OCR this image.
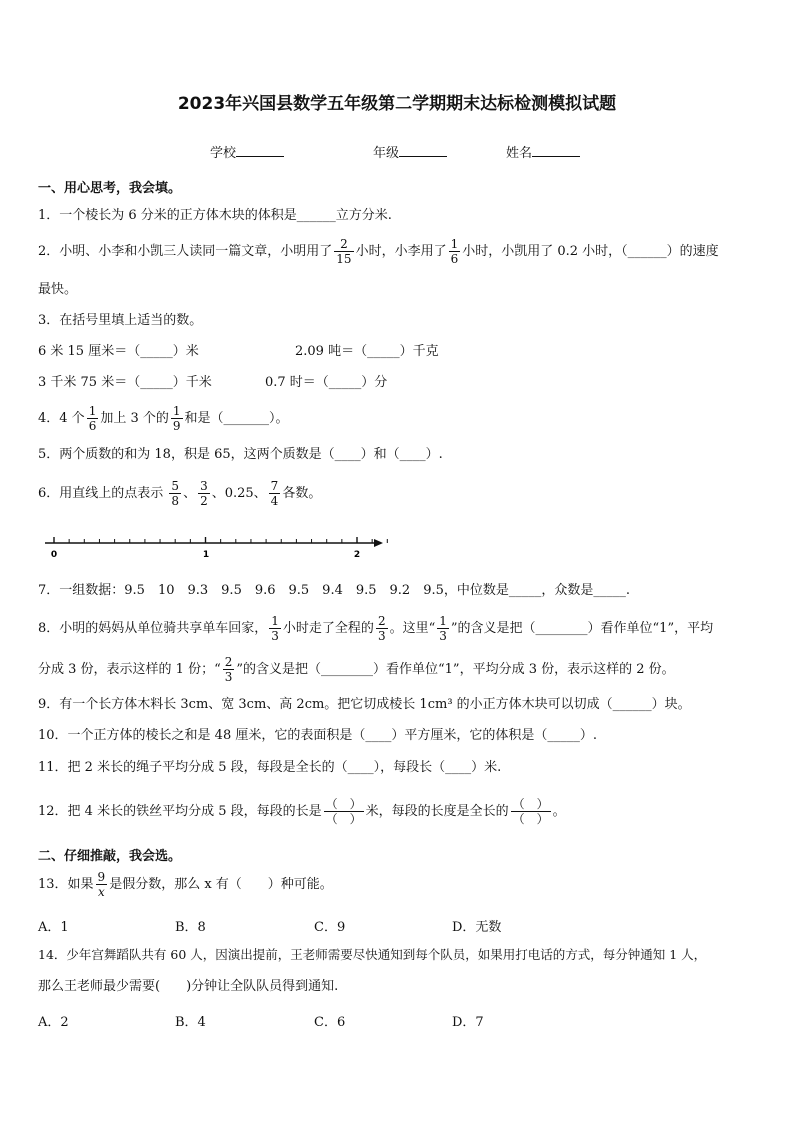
2023年兴国县数学五年级第二学期期末达标检测模拟试题
学校	年级	姓名
一、用心思考，我会填。
1．一个棱长为 6 分米的正方体木块的体积是______立方分米.
2．小明、小李和小凯三人读同一篇文章，小明用了 $\frac{2}{15}$ 小时，小李用了 $\frac{1}{6}$ 小时，小凯用了 0.2 小时，（______）的速度
最快。
3．在括号里填上适当的数。
6 米 15 厘米＝（_____）米	2.09 吨＝（_____）千克
3 千米 75 米＝（_____）千米	0.7 时＝（_____）分
4．4 个 $\frac{1}{6}$ 加上 3 个的 $\frac{1}{9}$ 和是（_______）。
5．两个质数的和为 18，积是 65，这两个质数是（____）和（____）.
6．用直线上的点表示 $\frac{5}{8}$ 、 $\frac{3}{2}$ 、0.25、 $\frac{7}{4}$ 各数。
0	1	2
7．一组数据：9.5　10　9.3　9.5　9.6　9.5　9.4　9.5　9.2　9.5，中位数是_____，众数是_____.
8．小明的妈妈从单位骑共享单车回家， $\frac{1}{3}$ 小时走了全程的 $\frac{2}{3}$ 。这里“ $\frac{1}{3}$ ”的含义是把（________）看作单位“1”，平均
分成 3 份，表示这样的 1 份；“ $\frac{2}{3}$ ”的含义是把（________）看作单位“1”，平均分成 3 份，表示这样的 2 份。
9．有一个长方体木料长 3cm、宽 3cm、高 2cm。把它切成棱长 1cm³ 的小正方体木块可以切成（______）块。
10．一个正方体的棱长之和是 48 厘米，它的表面积是（____）平方厘米，它的体积是（_____）.
11．把 2 米长的绳子平均分成 5 段，每段是全长的（____），每段长（____）米.
12．把 4 米长的铁丝平均分成 5 段，每段的长是 $\frac{( )}{( )}$ 米，每段的长度是全长的 $\frac{( )}{( )}$ 。
二、仔细推敲，我会选。
13．如果 $\frac{9}{x}$ 是假分数，那么 x 有（　　）种可能。
A．1	B．8	C．9	D．无数
14．少年宫舞蹈队共有 60 人，因演出提前，王老师需要尽快通知到每个队员，如果用打电话的方式，每分钟通知 1 人，
那么王老师最少需要(　　)分钟让全队队员得到通知.
A．2	B．4	C．6	D．7
